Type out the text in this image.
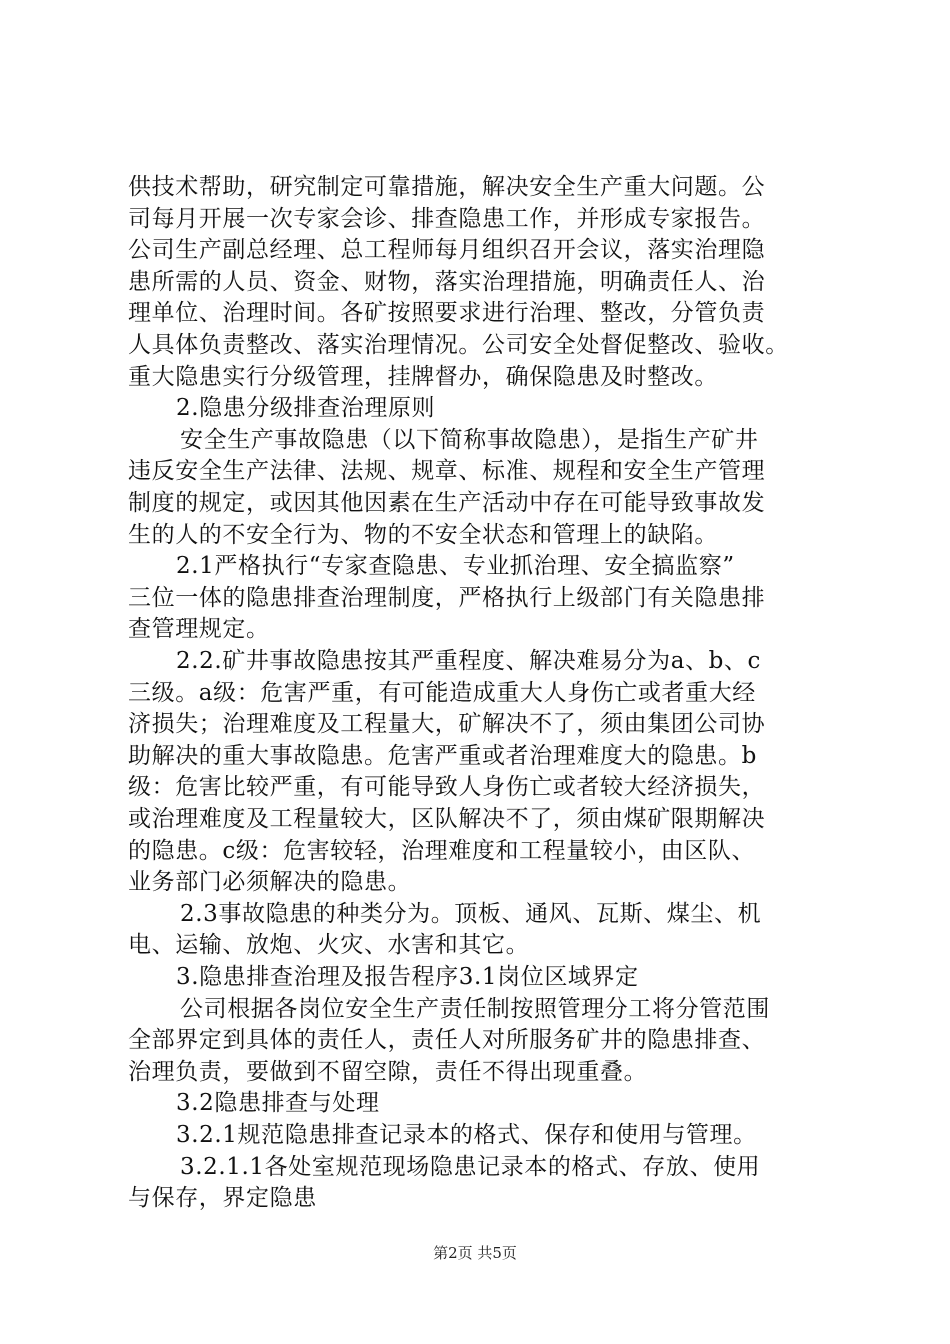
供技术帮助，研究制定可靠措施，解决安全生产重大问题。公
司每月开展一次专家会诊、排查隐患工作，并形成专家报告。
公司生产副总经理、总工程师每月组织召开会议，落实治理隐
患所需的人员、资金、财物，落实治理措施，明确责任人、治
理单位、治理时间。各矿按照要求进行治理、整改，分管负责
人具体负责整改、落实治理情况。公司安全处督促整改、验收。
重大隐患实行分级管理，挂牌督办，确保隐患及时整改。
2.隐患分级排查治理原则
安全生产事故隐患（以下简称事故隐患），是指生产矿井
违反安全生产法律、法规、规章、标准、规程和安全生产管理
制度的规定，或因其他因素在生产活动中存在可能导致事故发
生的人的不安全行为、物的不安全状态和管理上的缺陷。
2.1严格执行“专家查隐患、专业抓治理、安全搞监察”
三位一体的隐患排查治理制度，严格执行上级部门有关隐患排
查管理规定。
2.2.矿井事故隐患按其严重程度、解决难易分为a、b、c
三级。a级：危害严重，有可能造成重大人身伤亡或者重大经
济损失；治理难度及工程量大，矿解决不了，须由集团公司协
助解决的重大事故隐患。危害严重或者治理难度大的隐患。b
级：危害比较严重，有可能导致人身伤亡或者较大经济损失，
或治理难度及工程量较大，区队解决不了，须由煤矿限期解决
的隐患。c级：危害较轻，治理难度和工程量较小，由区队、
业务部门必须解决的隐患。
2.3事故隐患的种类分为。顶板、通风、瓦斯、煤尘、机
电、运输、放炮、火灾、水害和其它。
3.隐患排查治理及报告程序3.1岗位区域界定
公司根据各岗位安全生产责任制按照管理分工将分管范围
全部界定到具体的责任人，责任人对所服务矿井的隐患排查、
治理负责，要做到不留空隙，责任不得出现重叠。
3.2隐患排查与处理
3.2.1规范隐患排查记录本的格式、保存和使用与管理。
3.2.1.1各处室规范现场隐患记录本的格式、存放、使用
与保存，界定隐患
第2页 共5页
